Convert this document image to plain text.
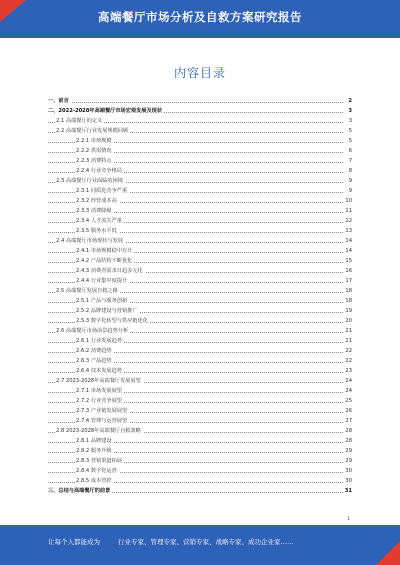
高端餐厅市场分析及自救方案研究报告
内容目录
一、前言	2
二、2022-2028年高端餐厅市场宏观发展及现状	3
2.1 高端餐厅的定义	3
2.2 高端餐厅行业发展规模回顾	5
2.2.1 市场规模	5
2.2.2 供需情况	6
2.2.3 消费特点	7
2.2.4 行业竞争格局	8
2.3 高端餐厅行业面临的困境	9
2.3.1 同质化竞争严重	9
2.3.2 经营成本高	10
2.3.3 消费降级	11
2.3.4 人才流失严重	12
2.3.5 服务水平低	13
2.4 高端餐厅市场现状与发展	14
2.4.1 市场规模稳中有升	14
2.4.2 产品结构不断优化	15
2.4.3 消费者需求日趋多元化	16
2.4.4 行业集中度提升	17
2.5 高端餐厅发展自救之路	18
2.5.1 产品与服务创新	18
2.5.2 品牌建设与营销推广	19
2.5.3 数字化转型与供应链优化	20
2.6 高端餐厅市场前景趋势分析	21
2.6.1 行业发展趋势	21
2.6.2 消费趋势	22
2.6.3 产品趋势	22
2.6.4 技术发展趋势	23
2.7 2023-2028年高端餐厅发展展望	24
2.7.1 市场发展展望	24
2.7.2 行业竞争展望	25
2.7.3 产业链发展展望	26
2.7.4 管理与运营展望	27
2.8 2023-2028年高端餐厅自救策略	28
2.8.1 品牌建设	28
2.8.2 服务升级	29
2.8.3 营销渠道拓展	29
2.8.4 数字化运营	30
2.8.5 成本管控	30
三、总结与高端餐厅的前景	31
1
让每个人都能成为	行业专家、管理专家、营销专家、战略专家、成功企业家……
